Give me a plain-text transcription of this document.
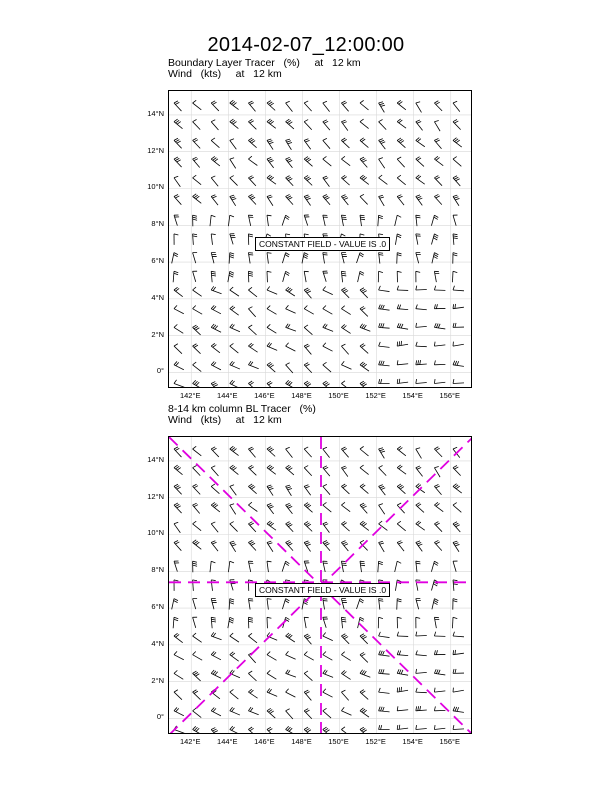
2014-02-07_12:00:00
Boundary Layer Tracer   (%)     at   12 km
Wind   (kts)     at   12 km
CONSTANT FIELD - VALUE IS .0
8-14 km column BL Tracer   (%)
Wind   (kts)     at   12 km
CONSTANT FIELD - VALUE IS .0
0°
2°N
4°N
6°N
8°N
10°N
12°N
14°N
142°E	144°E	146°E	148°E	150°E	152°E	154°E	156°E
0°
2°N
4°N
6°N
8°N
10°N
12°N
14°N
142°E	144°E	146°E	148°E	150°E	152°E	154°E	156°E
